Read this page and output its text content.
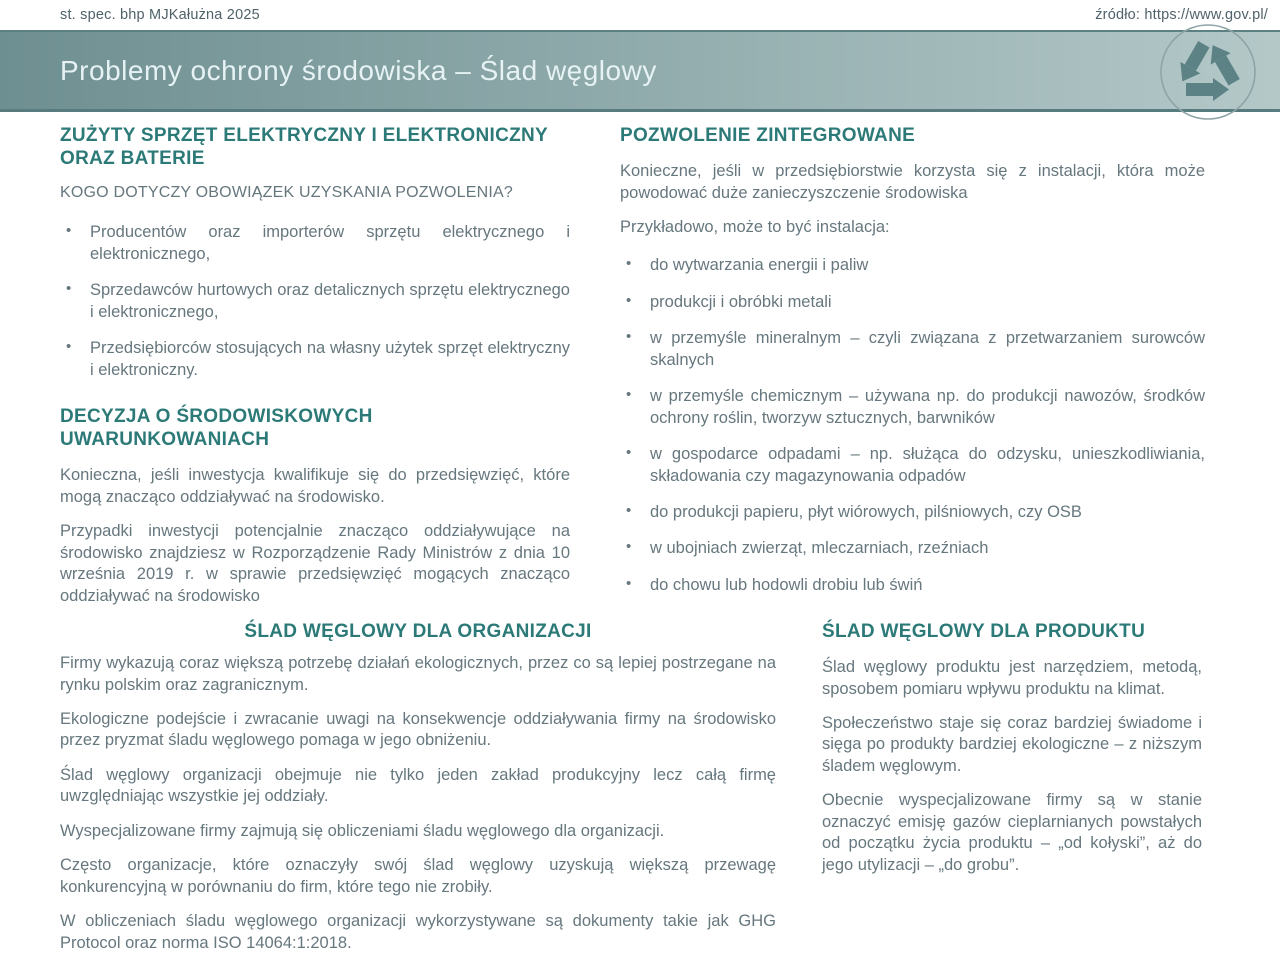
st. spec. bhp MJKałużna 2025	źródło: https://www.gov.pl/
Problemy ochrony środowiska – Ślad węglowy
ZUŻYTY SPRZĘT ELEKTRYCZNY I ELEKTRONICZNY ORAZ BATERIE
KOGO DOTYCZY OBOWIĄZEK UZYSKANIA POZWOLENIA?
• Producentów oraz importerów sprzętu elektrycznego i elektronicznego,
• Sprzedawców hurtowych oraz detalicznych sprzętu elektrycznego i elektronicznego,
• Przedsiębiorców stosujących na własny użytek sprzęt elektryczny i elektroniczny.
DECYZJA O ŚRODOWISKOWYCH UWARUNKOWANIACH

Konieczna, jeśli inwestycja kwalifikuje się do przedsięwzięć, które mogą znacząco oddziaływać na środowisko.

Przypadki inwestycji potencjalnie znacząco oddziaływujące na środowisko znajdziesz w Rozporządzenie Rady Ministrów z dnia 10 września 2019 r. w sprawie przedsięwzięć mogących znacząco oddziaływać na środowisko

POZWOLENIE ZINTEGROWANE

Konieczne, jeśli w przedsiębiorstwie korzysta się z instalacji, która może powodować duże zanieczyszczenie środowiska

Przykładowo, może to być instalacja:

• do wytwarzania energii i paliw
• produkcji i obróbki metali
• w przemyśle mineralnym – czyli związana z przetwarzaniem surowców skalnych
• w przemyśle chemicznym – używana np. do produkcji nawozów, środków ochrony roślin, tworzyw sztucznych, barwników
• w gospodarce odpadami – np. służąca do odzysku, unieszkodliwiania, składowania czy magazynowania odpadów
• do produkcji papieru, płyt wiórowych, pilśniowych, czy OSB
• w ubojniach zwierząt, mleczarniach, rzeźniach
• do chowu lub hodowli drobiu lub świń
ŚLAD WĘGLOWY DLA ORGANIZACJI

Firmy wykazują coraz większą potrzebę działań ekologicznych, przez co są lepiej postrzegane na rynku polskim oraz zagranicznym.

Ekologiczne podejście i zwracanie uwagi na konsekwencje oddziaływania firmy na środowisko przez pryzmat śladu węglowego pomaga w jego obniżeniu.

Ślad węglowy organizacji obejmuje nie tylko jeden zakład produkcyjny lecz całą firmę uwzględniając wszystkie jej oddziały.

Wyspecjalizowane firmy zajmują się obliczeniami śladu węglowego dla organizacji.

Często organizacje, które oznaczyły swój ślad węglowy uzyskują większą przewagę konkurencyjną w porównaniu do firm, które tego nie zrobiły.

W obliczeniach śladu węglowego organizacji wykorzystywane są dokumenty takie jak GHG Protocol oraz norma ISO 14064:1:2018.

ŚLAD WĘGLOWY DLA PRODUKTU

Ślad węglowy produktu jest narzędziem, metodą, sposobem pomiaru wpływu produktu na klimat.

Społeczeństwo staje się coraz bardziej świadome i sięga po produkty bardziej ekologiczne – z niższym śladem węglowym.

Obecnie wyspecjalizowane firmy są w stanie oznaczyć emisję gazów cieplarnianych powstałych od początku życia produktu – „od kołyski”, aż do jego utylizacji – „do grobu”.
